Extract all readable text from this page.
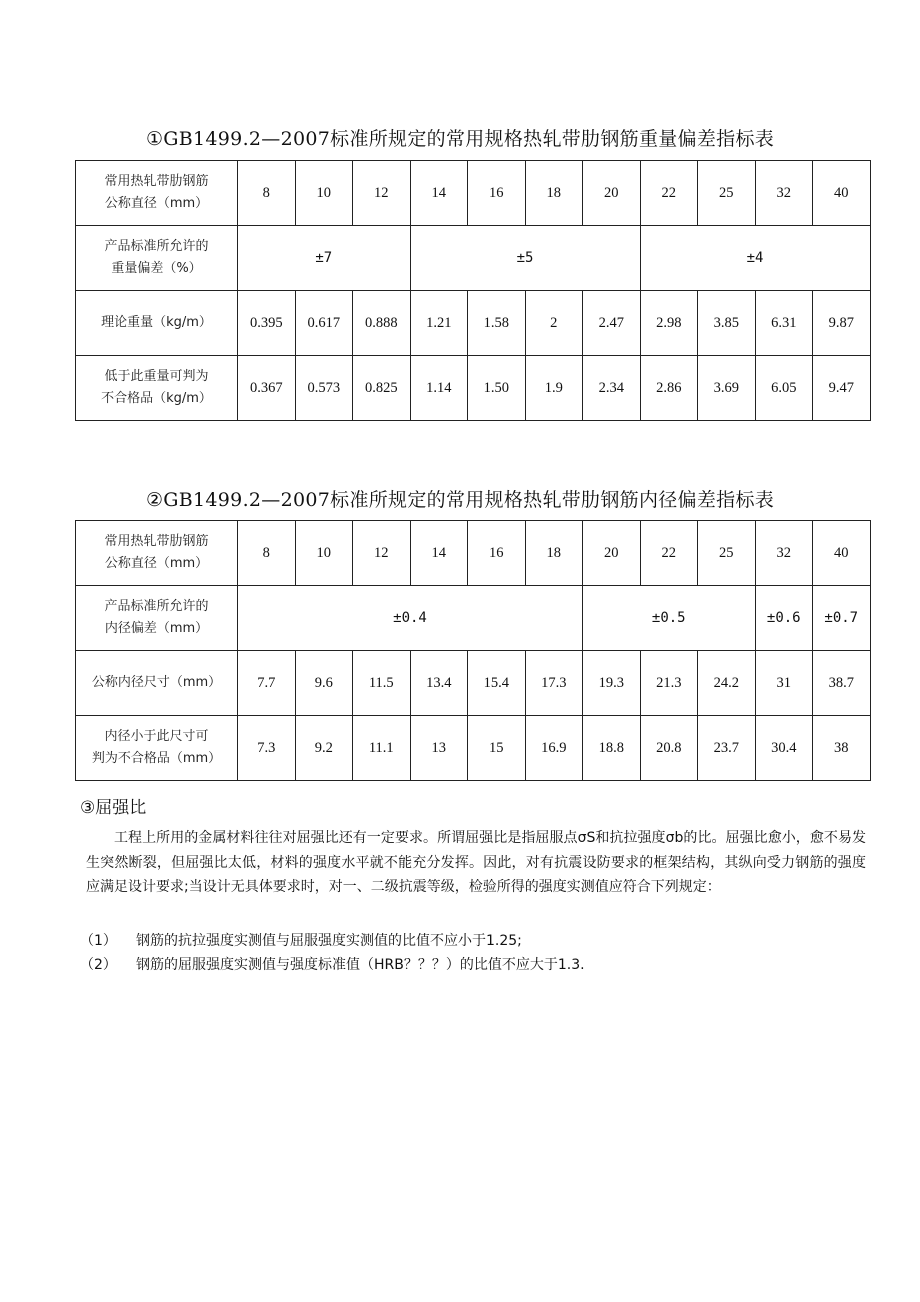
①GB1499.2—2007标准所规定的常用规格热轧带肋钢筋重量偏差指标表
常用热轧带肋钢筋
公称直径（mm）	8	10	12	14	16	18	20	22	25	32	40
产品标准所允许的
重量偏差（%）	±7			±5				±4			
理论重量（kg/m）	0.395	0.617	0.888	1.21	1.58	2	2.47	2.98	3.85	6.31	9.87
低于此重量可判为
不合格品（kg/m）	0.367	0.573	0.825	1.14	1.50	1.9	2.34	2.86	3.69	6.05	9.47
②GB1499.2—2007标准所规定的常用规格热轧带肋钢筋内径偏差指标表
常用热轧带肋钢筋
公称直径（mm）	8	10	12	14	16	18	20	22	25	32	40
产品标准所允许的
内径偏差（mm）	±0.4						±0.5			±0.6	±0.7
公称内径尺寸（mm）	7.7	9.6	11.5	13.4	15.4	17.3	19.3	21.3	24.2	31	38.7
内径小于此尺寸可
判为不合格品（mm）	7.3	9.2	11.1	13	15	16.9	18.8	20.8	23.7	30.4	38
③屈强比

工程上所用的金属材料往往对屈强比还有一定要求。所谓屈强比是指屈服点σS和抗拉强度σb的比。屈强比愈小，愈不易发生突然断裂，但屈强比太低，材料的强度水平就不能充分发挥。因此，对有抗震设防要求的框架结构，其纵向受力钢筋的强度应满足设计要求;当设计无具体要求时，对一、二级抗震等级，检验所得的强度实测值应符合下列规定：

（1） 钢筋的抗拉强度实测值与屈服强度实测值的比值不应小于1.25;
（2） 钢筋的屈服强度实测值与强度标准值（HRB？？？）的比值不应大于1.3.
